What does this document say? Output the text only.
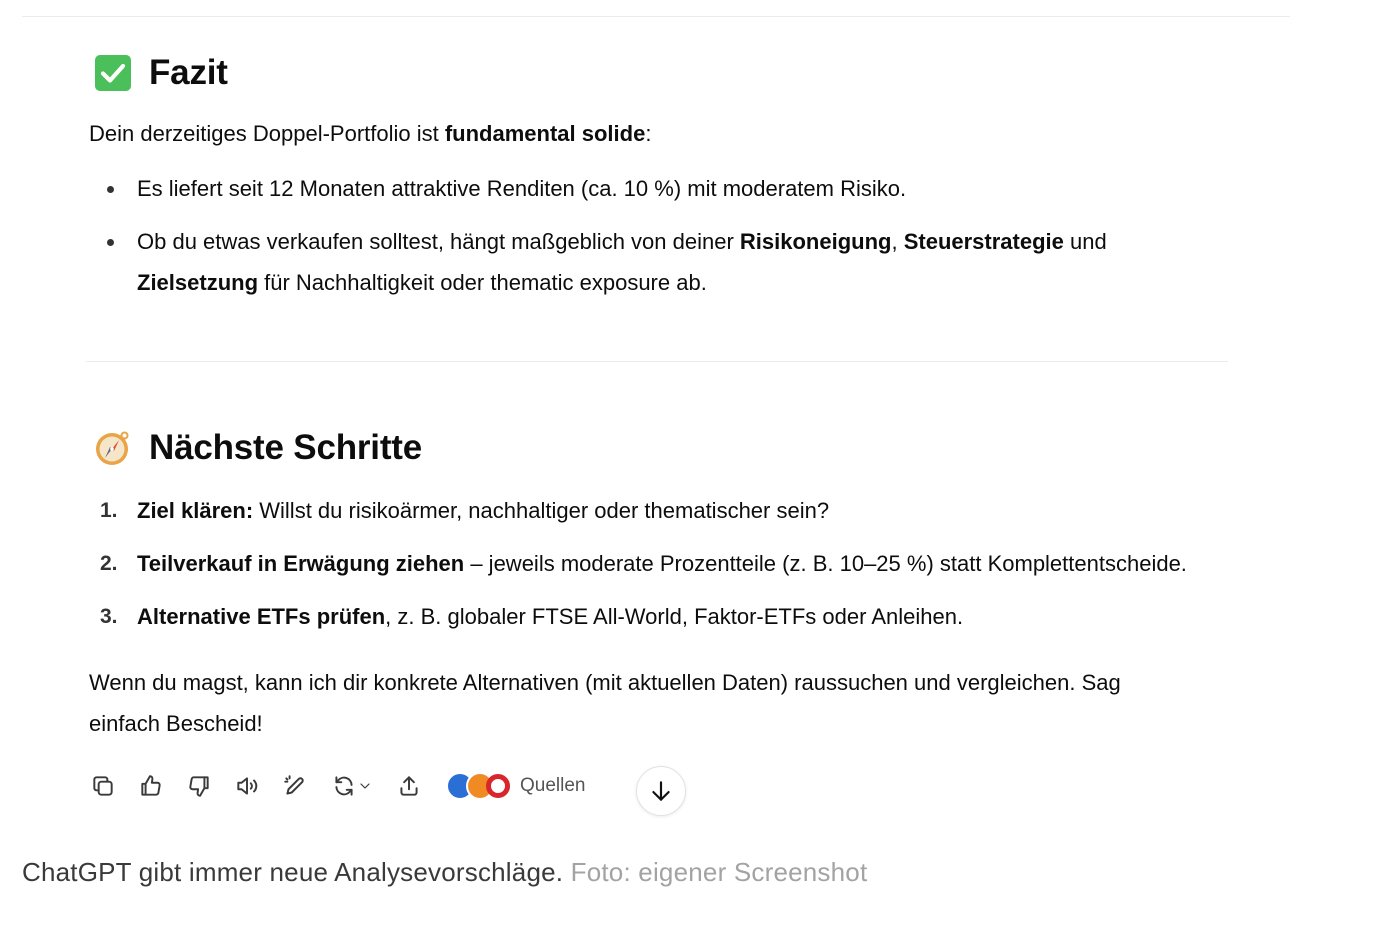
Fazit
Dein derzeitiges Doppel-Portfolio ist fundamental solide:
Es liefert seit 12 Monaten attraktive Renditen (ca. 10 %) mit moderatem Risiko.
Ob du etwas verkaufen solltest, hängt maßgeblich von deiner Risikoneigung, Steuerstrategie und
Zielsetzung für Nachhaltigkeit oder thematic exposure ab.
Nächste Schritte
1. Ziel klären: Willst du risikoärmer, nachhaltiger oder thematischer sein?
2. Teilverkauf in Erwägung ziehen – jeweils moderate Prozentteile (z. B. 10–25 %) statt Komplettentscheide.
3. Alternative ETFs prüfen, z. B. globaler FTSE All-World, Faktor-ETFs oder Anleihen.
Wenn du magst, kann ich dir konkrete Alternativen (mit aktuellen Daten) raussuchen und vergleichen. Sag
einfach Bescheid!
Quellen
ChatGPT gibt immer neue Analysevorschläge. Foto: eigener Screenshot
